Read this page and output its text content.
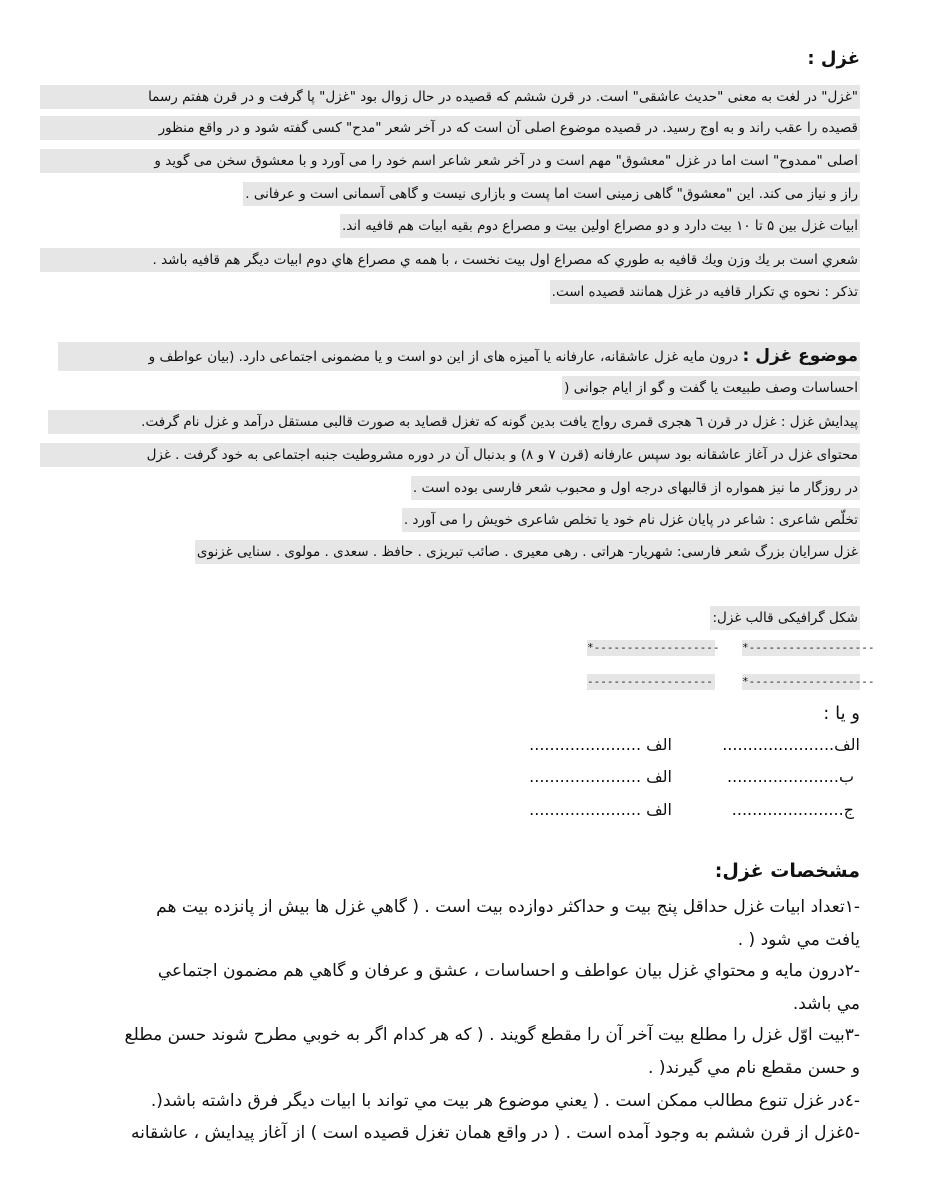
غزل :
"غزل" در لغت به معنی "حدیث عاشقی" است. در قرن ششم که قصیده در حال زوال بود "غزل" پا گرفت و در قرن هفتم رسما
قصیده را عقب راند و به اوج رسید. در قصیده موضوع اصلی آن است که در آخر شعر "مدح" کسی گفته شود و در واقع منظور
اصلی "ممدوح" است اما در غزل "معشوق" مهم است و در آخر شعر شاعر اسم خود را می آورد و با معشوق سخن می گوید و
راز و نیاز می کند. این "معشوق" گاهی زمینی است اما پست و بازاری نیست و گاهی آسمانی است و عرفانی .
ابیات غزل بین ۵ تا ۱۰ بیت دارد و دو مصراع اولین بیت و مصراع دوم بقیه ابیات هم قافیه اند.
شعري است بر يك وزن ويك قافيه به طوري كه مصراع اول بيت نخست ، با همه ي مصراع هاي دوم ابيات ديگر هم قافيه باشد .
تذكر : نحوه ي تكرار قافيه در غزل همانند قصيده است.
موضوع غزل : درون مایه غزل عاشقانه، عارفانه یا آمیزه های از این دو است و یا مضمونی اجتماعی دارد. (بیان عواطف و
احساسات وصف طبیعت یا گفت و گو از ایام جوانی (
پیدایش غزل : غزل در قرن ٦ هجری قمری رواج یافت بدین گونه که تغزل قصاید به صورت قالبی مستقل درآمد و غزل نام گرفت.
محتوای غزل در آغاز عاشقانه بود سپس عارفانه (قرن ۷ و ۸) و بدنبال آن در دوره مشروطیت جنبه اجتماعی به خود گرفت . غزل
در روزگار ما نیز همواره از قالبهای درجه اول و محبوب شعر فارسی بوده است .
تخلّص شاعری : شاعر در پایان غزل نام خود یا تخلص شاعری خویش را می آورد .
غزل سرایان بزرگ شعر فارسی: شهریار- هراتی . رهی معیری . صائب تبریزی . حافظ . سعدی . مولوی . سنایی غزنوی
شکل گرافیکی قالب غزل:
*-------------------
*-------------------
*-------------------
-------------------
و یا :
الف......................
الف ......................
ب......................
الف ......................
ج......................
الف ......................
مشخصات غزل:
-١تعداد ابيات غزل حداقل پنج بيت و حداكثر دوازده بيت است . ( گاهي غزل ها بيش از پانزده بيت هم
يافت مي شود ( .
-٢درون مايه و محتواي غزل بيان عواطف و احساسات ، عشق و عرفان و گاهي هم مضمون اجتماعي
مي باشد.
-٣بيت اوّل غزل را مطلع بيت آخر آن را مقطع گويند . ( كه هر كدام اگر به خوبي مطرح شوند حسن مطلع
و حسن مقطع نام مي گيرند( .
-٤در غزل تنوع مطالب ممكن است . ( يعني موضوع هر بيت مي تواند با ابيات ديگر فرق داشته باشد(.
-٥غزل از قرن ششم به وجود آمده است . ( در واقع همان تغزل قصيده است ) از آغاز پيدايش ، عاشقانه
